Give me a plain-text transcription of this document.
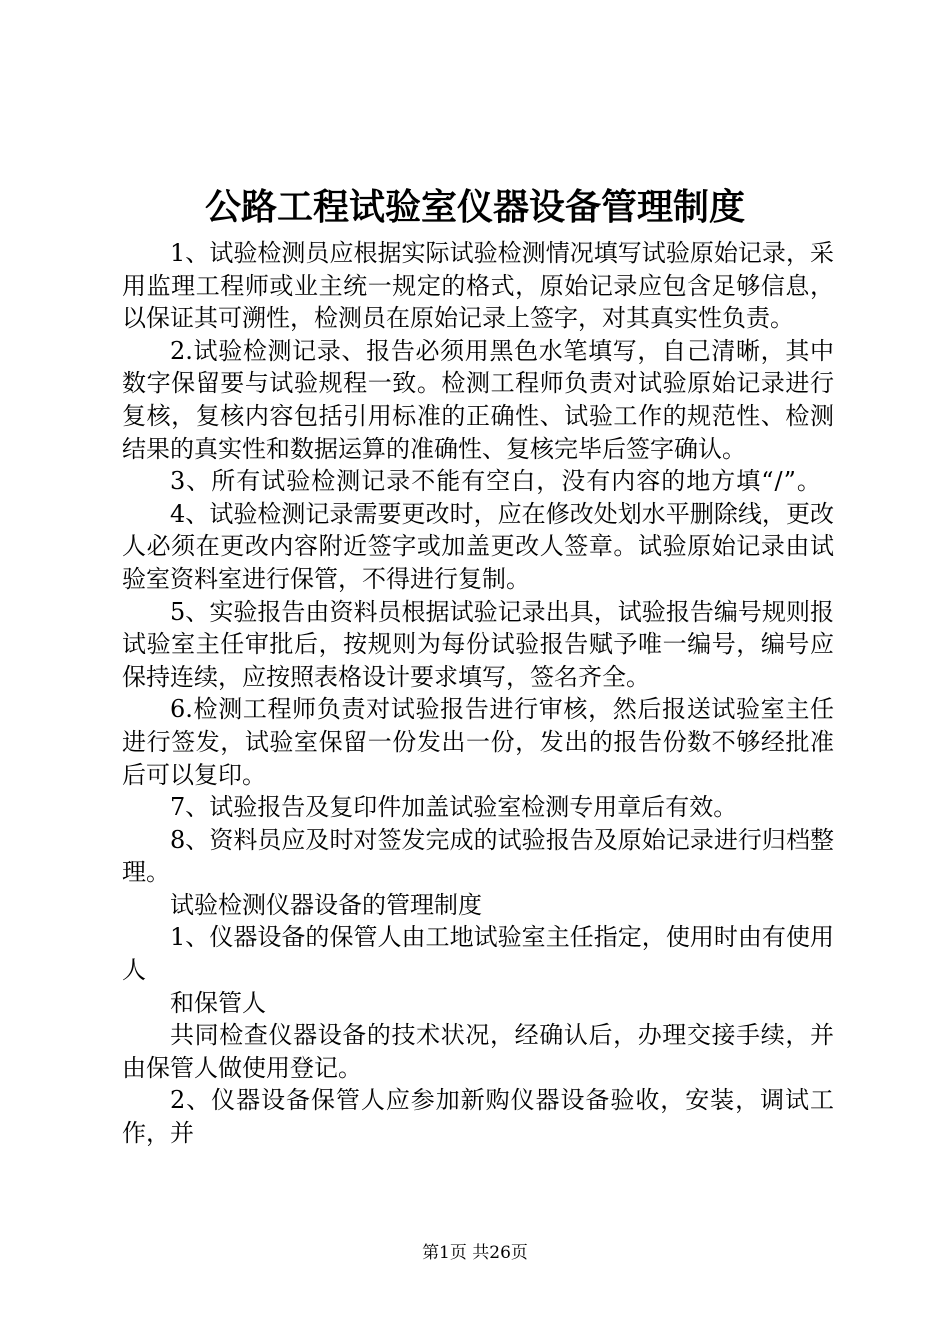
公路工程试验室仪器设备管理制度

1、试验检测员应根据实际试验检测情况填写试验原始记录，采用监理工程师或业主统一规定的格式，原始记录应包含足够信息，以保证其可溯性，检测员在原始记录上签字，对其真实性负责。

2.试验检测记录、报告必须用黑色水笔填写，自己清晰，其中数字保留要与试验规程一致。检测工程师负责对试验原始记录进行复核，复核内容包括引用标准的正确性、试验工作的规范性、检测结果的真实性和数据运算的准确性、复核完毕后签字确认。

3、所有试验检测记录不能有空白，没有内容的地方填“/”。

4、试验检测记录需要更改时，应在修改处划水平删除线，更改人必须在更改内容附近签字或加盖更改人签章。试验原始记录由试验室资料室进行保管，不得进行复制。

5、实验报告由资料员根据试验记录出具，试验报告编号规则报试验室主任审批后，按规则为每份试验报告赋予唯一编号，编号应保持连续，应按照表格设计要求填写，签名齐全。

6.检测工程师负责对试验报告进行审核，然后报送试验室主任进行签发，试验室保留一份发出一份，发出的报告份数不够经批准后可以复印。

7、试验报告及复印件加盖试验室检测专用章后有效。

8、资料员应及时对签发完成的试验报告及原始记录进行归档整理。

试验检测仪器设备的管理制度

1、仪器设备的保管人由工地试验室主任指定，使用时由有使用人

和保管人

共同检查仪器设备的技术状况，经确认后，办理交接手续，并由保管人做使用登记。

2、仪器设备保管人应参加新购仪器设备验收，安装，调试工作，并

第1页 共26页
